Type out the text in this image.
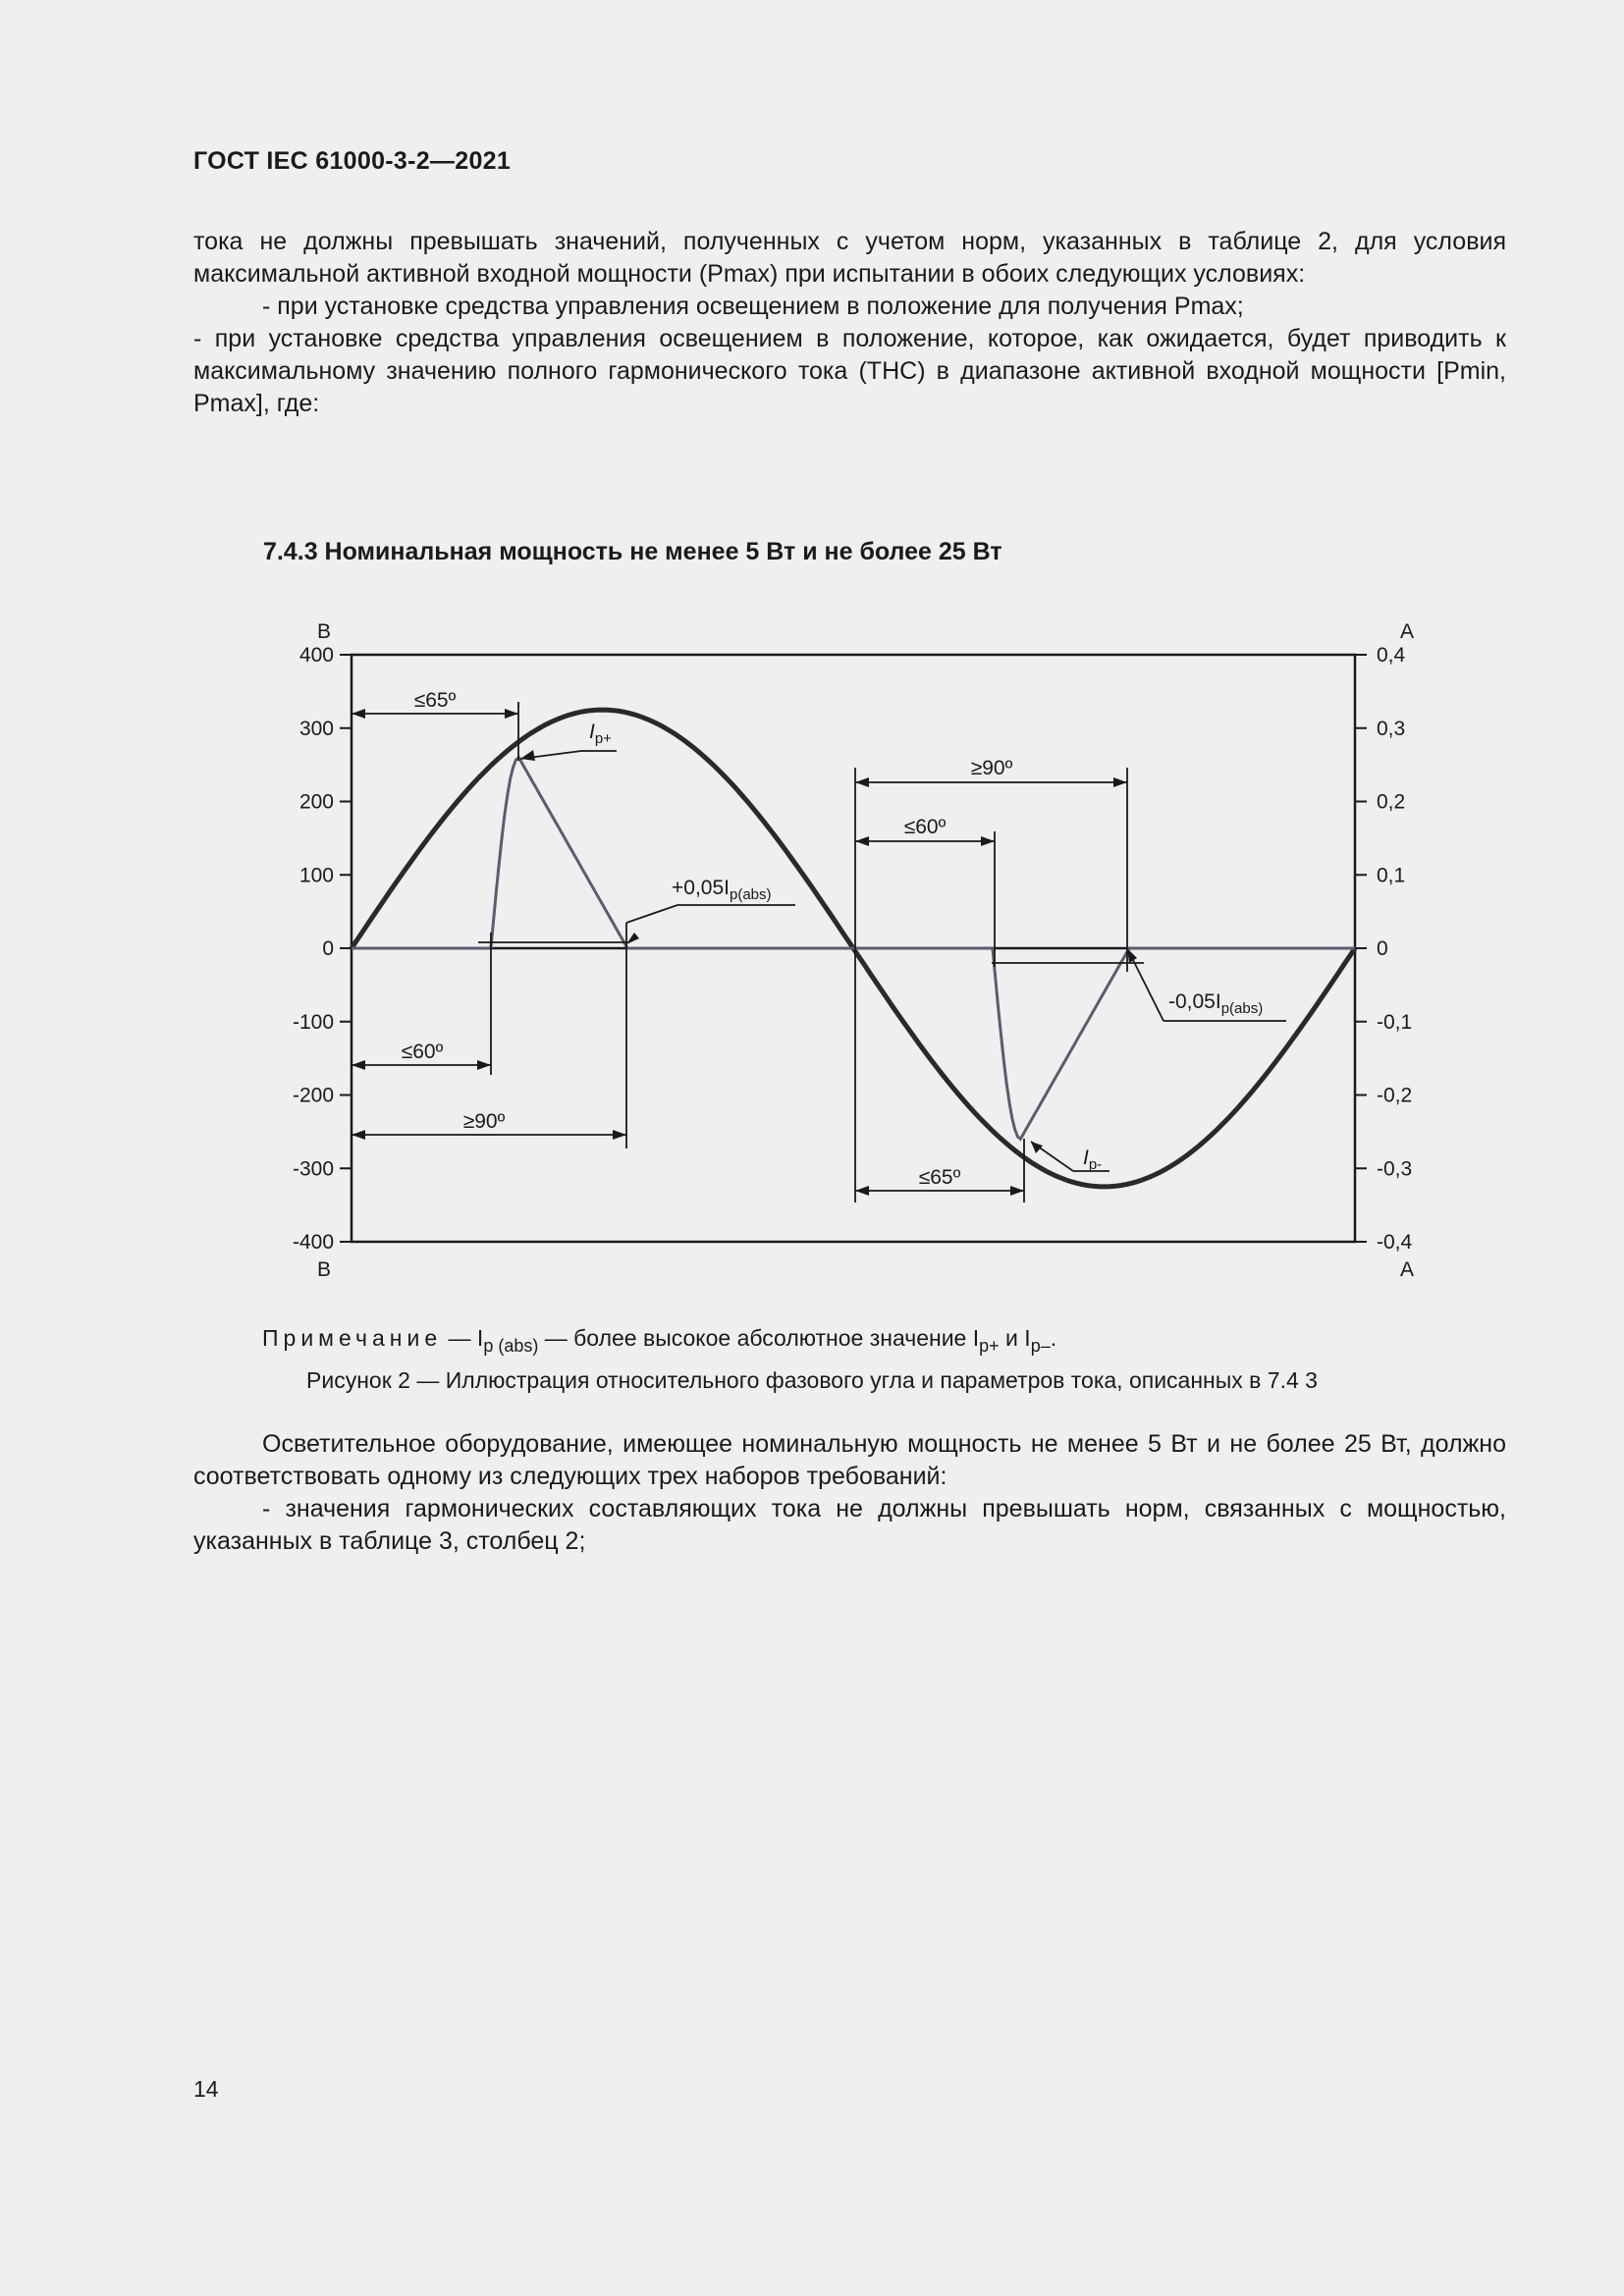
ГОСТ IEC 61000-3-2—2021

тока не должны превышать значений, полученных с учетом норм, указанных в таблице 2, для условия максимальной активной входной мощности (Pmax) при испытании в обоих следующих условиях:

- при установке средства управления освещением в положение для получения Pmax;

- при установке средства управления освещением в положение, которое, как ожидается, будет приводить к максимальному значению полного гармонического тока (THC) в диапазоне активной входной мощности [Pmin, Pmax], где:

7.4.3 Номинальная мощность не менее 5 Вт и не более 25 Вт
400
300
200
100
0
-100
-200
-300
-400
0,4
0,3
0,2
0,1
0
-0,1
-0,2
-0,3
-0,4
В
В
А
А
≤65º
≤60º
≥90º
≥90º
≤60º
≤65º
$+0,05I_{p(abs)}$
$-0,05I_{p(abs)}$
$I_{p+}$
$I_{p-}$
Примечание — $I_{p (abs)}$ — более высокое абсолютное значение $I_{p+}$ и $I_{p-}$.
Рисунок 2 — Иллюстрация относительного фазового угла и параметров тока, описанных в 7.4 3

Осветительное оборудование, имеющее номинальную мощность не менее 5 Вт и не более 25 Вт, должно соответствовать одному из следующих трех наборов требований:

- значения гармонических составляющих тока не должны превышать норм, связанных с мощностью, указанных в таблице 3, столбец 2;

14
